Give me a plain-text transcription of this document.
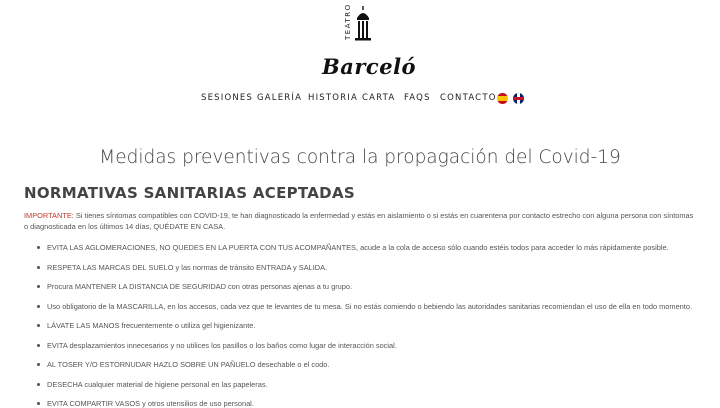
TEATRO
Barceló
SESIONES GALERÍA HISTORIA CARTA FAQS CONTACTO
Medidas preventivas contra la propagación del Covid-19
NORMATIVAS SANITARIAS ACEPTADAS

IMPORTANTE: Si tienes síntomas compatibles con COVID-19, te han diagnosticado la enfermedad y estás en aislamiento o si estás en cuarentena por contacto estrecho con alguna persona con síntomas o diagnosticada en los últimos 14 días, QUÉDATE EN CASA.

EVITA LAS AGLOMERACIONES, NO QUEDES EN LA PUERTA CON TUS ACOMPAÑANTES, acude a la cola de acceso sólo cuando estéis todos para acceder lo más rápidamente posible.
RESPETA LAS MARCAS DEL SUELO y las normas de tránsito ENTRADA y SALIDA.
Procura MANTENER LA DISTANCIA DE SEGURIDAD con otras personas ajenas a tu grupo.
Uso obligatorio de la MASCARILLA, en los accesos, cada vez que te levantes de tu mesa. Si no estás comiendo o bebiendo las autoridades sanitarias recomiendan el uso de ella en todo momento.
LÁVATE LAS MANOS frecuentemente o utiliza gel higienizante.
EVITA desplazamientos innecesarios y no utilices los pasillos o los baños como lugar de interacción social.
AL TOSER Y/O ESTORNUDAR HAZLO SOBRE UN PAÑUELO desechable o el codo.
DESECHA cualquier material de higiene personal en las papeleras.
EVITA COMPARTIR VASOS y otros utensilios de uso personal.
